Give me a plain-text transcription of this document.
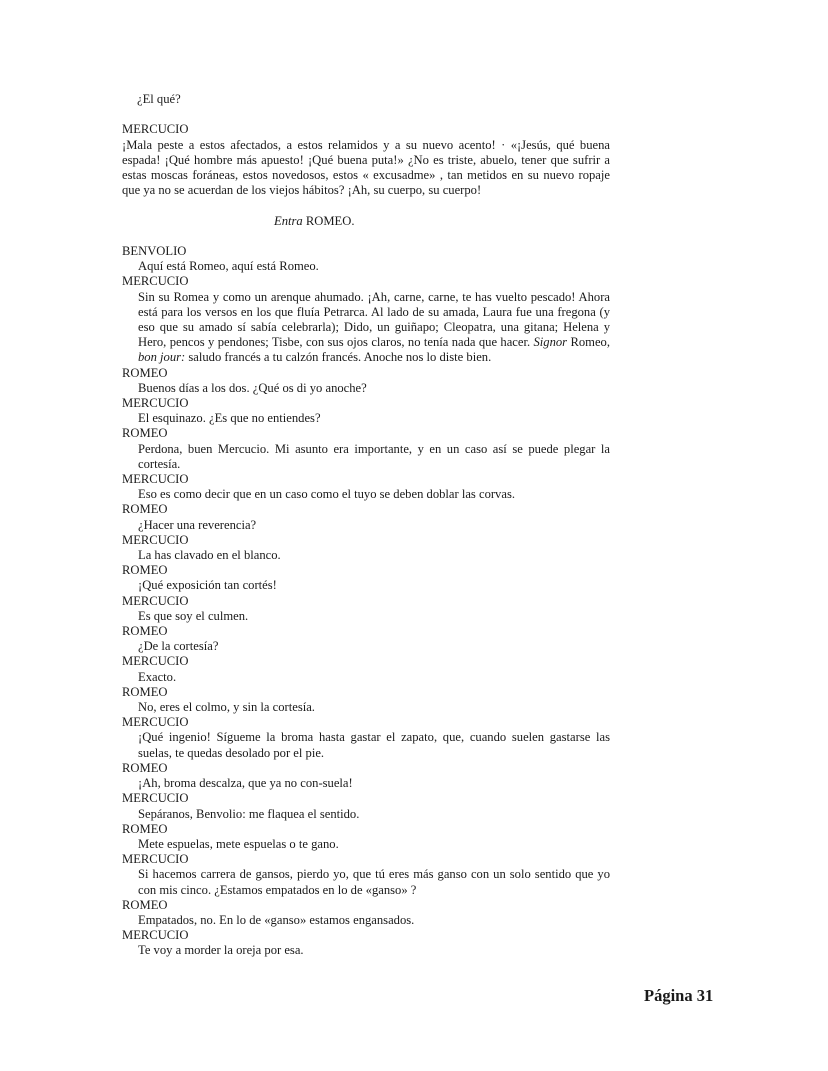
¿El qué?
MERCUCIO
¡Mala peste a estos afectados, a estos relamidos y a su nuevo acento! · «¡Jesús, qué buena espada! ¡Qué hombre más apuesto! ¡Qué buena puta!» ¿No es triste, abuelo, tener que sufrir a estas moscas foráneas, estos novedosos, estos « excusadme» , tan metidos en su nuevo ropaje que ya no se acuerdan de los viejos hábitos? ¡Ah, su cuerpo, su cuerpo!
Entra ROMEO.
BENVOLIO
Aquí está Romeo, aquí está Romeo.
MERCUCIO
Sin su Romea y como un arenque ahumado. ¡Ah, carne, carne, te has vuelto pescado! Ahora está para los versos en los que fluía Petrarca. Al lado de su amada, Laura fue una fregona (y eso que su amado sí sabía celebrarla); Dido, un guiñapo; Cleopatra, una gitana; Helena y Hero, pencos y pendones; Tisbe, con sus ojos claros, no tenía nada que hacer. Signor Romeo, bon jour: saludo francés a tu calzón francés. Anoche nos lo diste bien.
ROMEO
Buenos días a los dos. ¿Qué os di yo anoche?
MERCUCIO
El esquinazo. ¿Es que no entiendes?
ROMEO
Perdona, buen Mercucio. Mi asunto era importante, y en un caso así se puede plegar la cortesía.
MERCUCIO
Eso es como decir que en un caso como el tuyo se deben doblar las corvas.
ROMEO
¿Hacer una reverencia?
MERCUCIO
La has clavado en el blanco.
ROMEO
¡Qué exposición tan cortés!
MERCUCIO
Es que soy el culmen.
ROMEO
¿De la cortesía?
MERCUCIO
Exacto.
ROMEO
No, eres el colmo, y sin la cortesía.
MERCUCIO
¡Qué ingenio! Sígueme la broma hasta gastar el zapato, que, cuando suelen gastarse las suelas, te quedas desolado por el pie.
ROMEO
¡Ah, broma descalza, que ya no con-suela!
MERCUCIO
Sepáranos, Benvolio: me flaquea el sentido.
ROMEO
Mete espuelas, mete espuelas o te gano.
MERCUCIO
Si hacemos carrera de gansos, pierdo yo, que tú eres más ganso con un solo sentido que yo con mis cinco. ¿Estamos empatados en lo de «ganso» ?
ROMEO
Empatados, no. En lo de «ganso» estamos engansados.
MERCUCIO
Te voy a morder la oreja por esa.
Página 31
